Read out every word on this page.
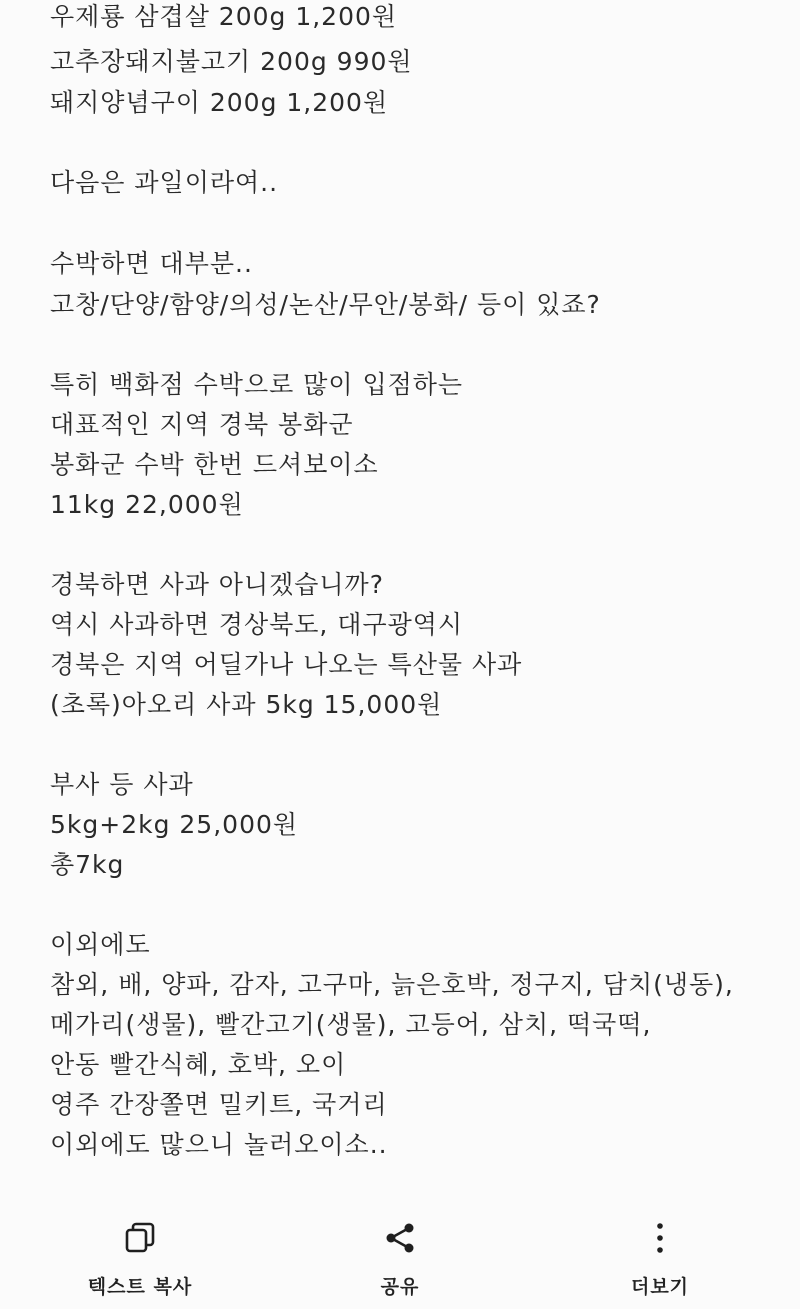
우제룡 삼겹살 200g 1,200원
고추장돼지불고기 200g 990원
돼지양념구이 200g 1,200원
다음은 과일이라여..
수박하면 대부분..
고창/단양/함양/의성/논산/무안/봉화/ 등이 있죠?
특히 백화점 수박으로 많이 입점하는
대표적인 지역 경북 봉화군
봉화군 수박 한번 드셔보이소
11kg 22,000원
경북하면 사과 아니겠습니까?
역시 사과하면 경상북도, 대구광역시
경북은 지역 어딜가나 나오는 특산물 사과
(초록)아오리 사과 5kg 15,000원
부사 등 사과
5kg+2kg 25,000원
총7kg
이외에도
참외, 배, 양파, 감자, 고구마, 늙은호박, 정구지, 담치(냉동),
메가리(생물), 빨간고기(생물), 고등어, 삼치, 떡국떡,
안동 빨간식혜, 호박, 오이
영주 간장쫄면 밀키트, 국거리
이외에도 많으니 놀러오이소..
텍스트 복사	공유	더보기
